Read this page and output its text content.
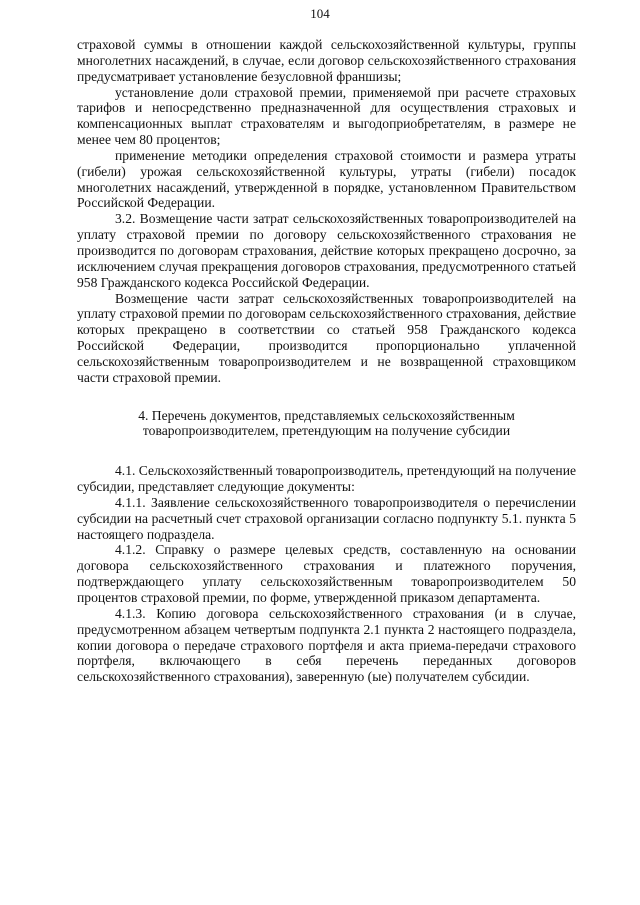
104

страховой суммы в отношении каждой сельскохозяйственной культуры, группы многолетних насаждений, в случае, если договор сельскохозяйственного страхования предусматривает установление безусловной франшизы;

установление доли страховой премии, применяемой при расчете страховых тарифов и непосредственно предназначенной для осуществления страховых и компенсационных выплат страхователям и выгодоприобретателям, в размере не менее чем 80 процентов;

применение методики определения страховой стоимости и размера утраты (гибели) урожая сельскохозяйственной культуры, утраты (гибели) посадок многолетних насаждений, утвержденной в порядке, установленном Правительством Российской Федерации.

3.2. Возмещение части затрат сельскохозяйственных товаропроизводителей на уплату страховой премии по договору сельскохозяйственного страхования не производится по договорам страхования, действие которых прекращено досрочно, за исключением случая прекращения договоров страхования, предусмотренного статьей 958 Гражданского кодекса Российской Федерации.

Возмещение части затрат сельскохозяйственных товаропроизводителей на уплату страховой премии по договорам сельскохозяйственного страхования, действие которых прекращено в соответствии со статьей 958 Гражданского кодекса Российской Федерации, производится пропорционально уплаченной сельскохозяйственным товаропроизводителем и не возвращенной страховщиком части страховой премии.

4. Перечень документов, представляемых сельскохозяйственным товаропроизводителем, претендующим на получение субсидии

4.1. Сельскохозяйственный товаропроизводитель, претендующий на получение субсидии, представляет следующие документы:

4.1.1. Заявление сельскохозяйственного товаропроизводителя о перечислении субсидии на расчетный счет страховой организации согласно подпункту 5.1. пункта 5 настоящего подраздела.

4.1.2. Справку о размере целевых средств, составленную на основании договора сельскохозяйственного страхования и платежного поручения, подтверждающего уплату сельскохозяйственным товаропроизводителем 50 процентов страховой премии, по форме, утвержденной приказом департамента.

4.1.3. Копию договора сельскохозяйственного страхования (и в случае, предусмотренном абзацем четвертым подпункта 2.1 пункта 2 настоящего подраздела, копии договора о передаче страхового портфеля и акта приема-передачи страхового портфеля, включающего в себя перечень переданных договоров сельскохозяйственного страхования), заверенную (ые) получателем субсидии.
